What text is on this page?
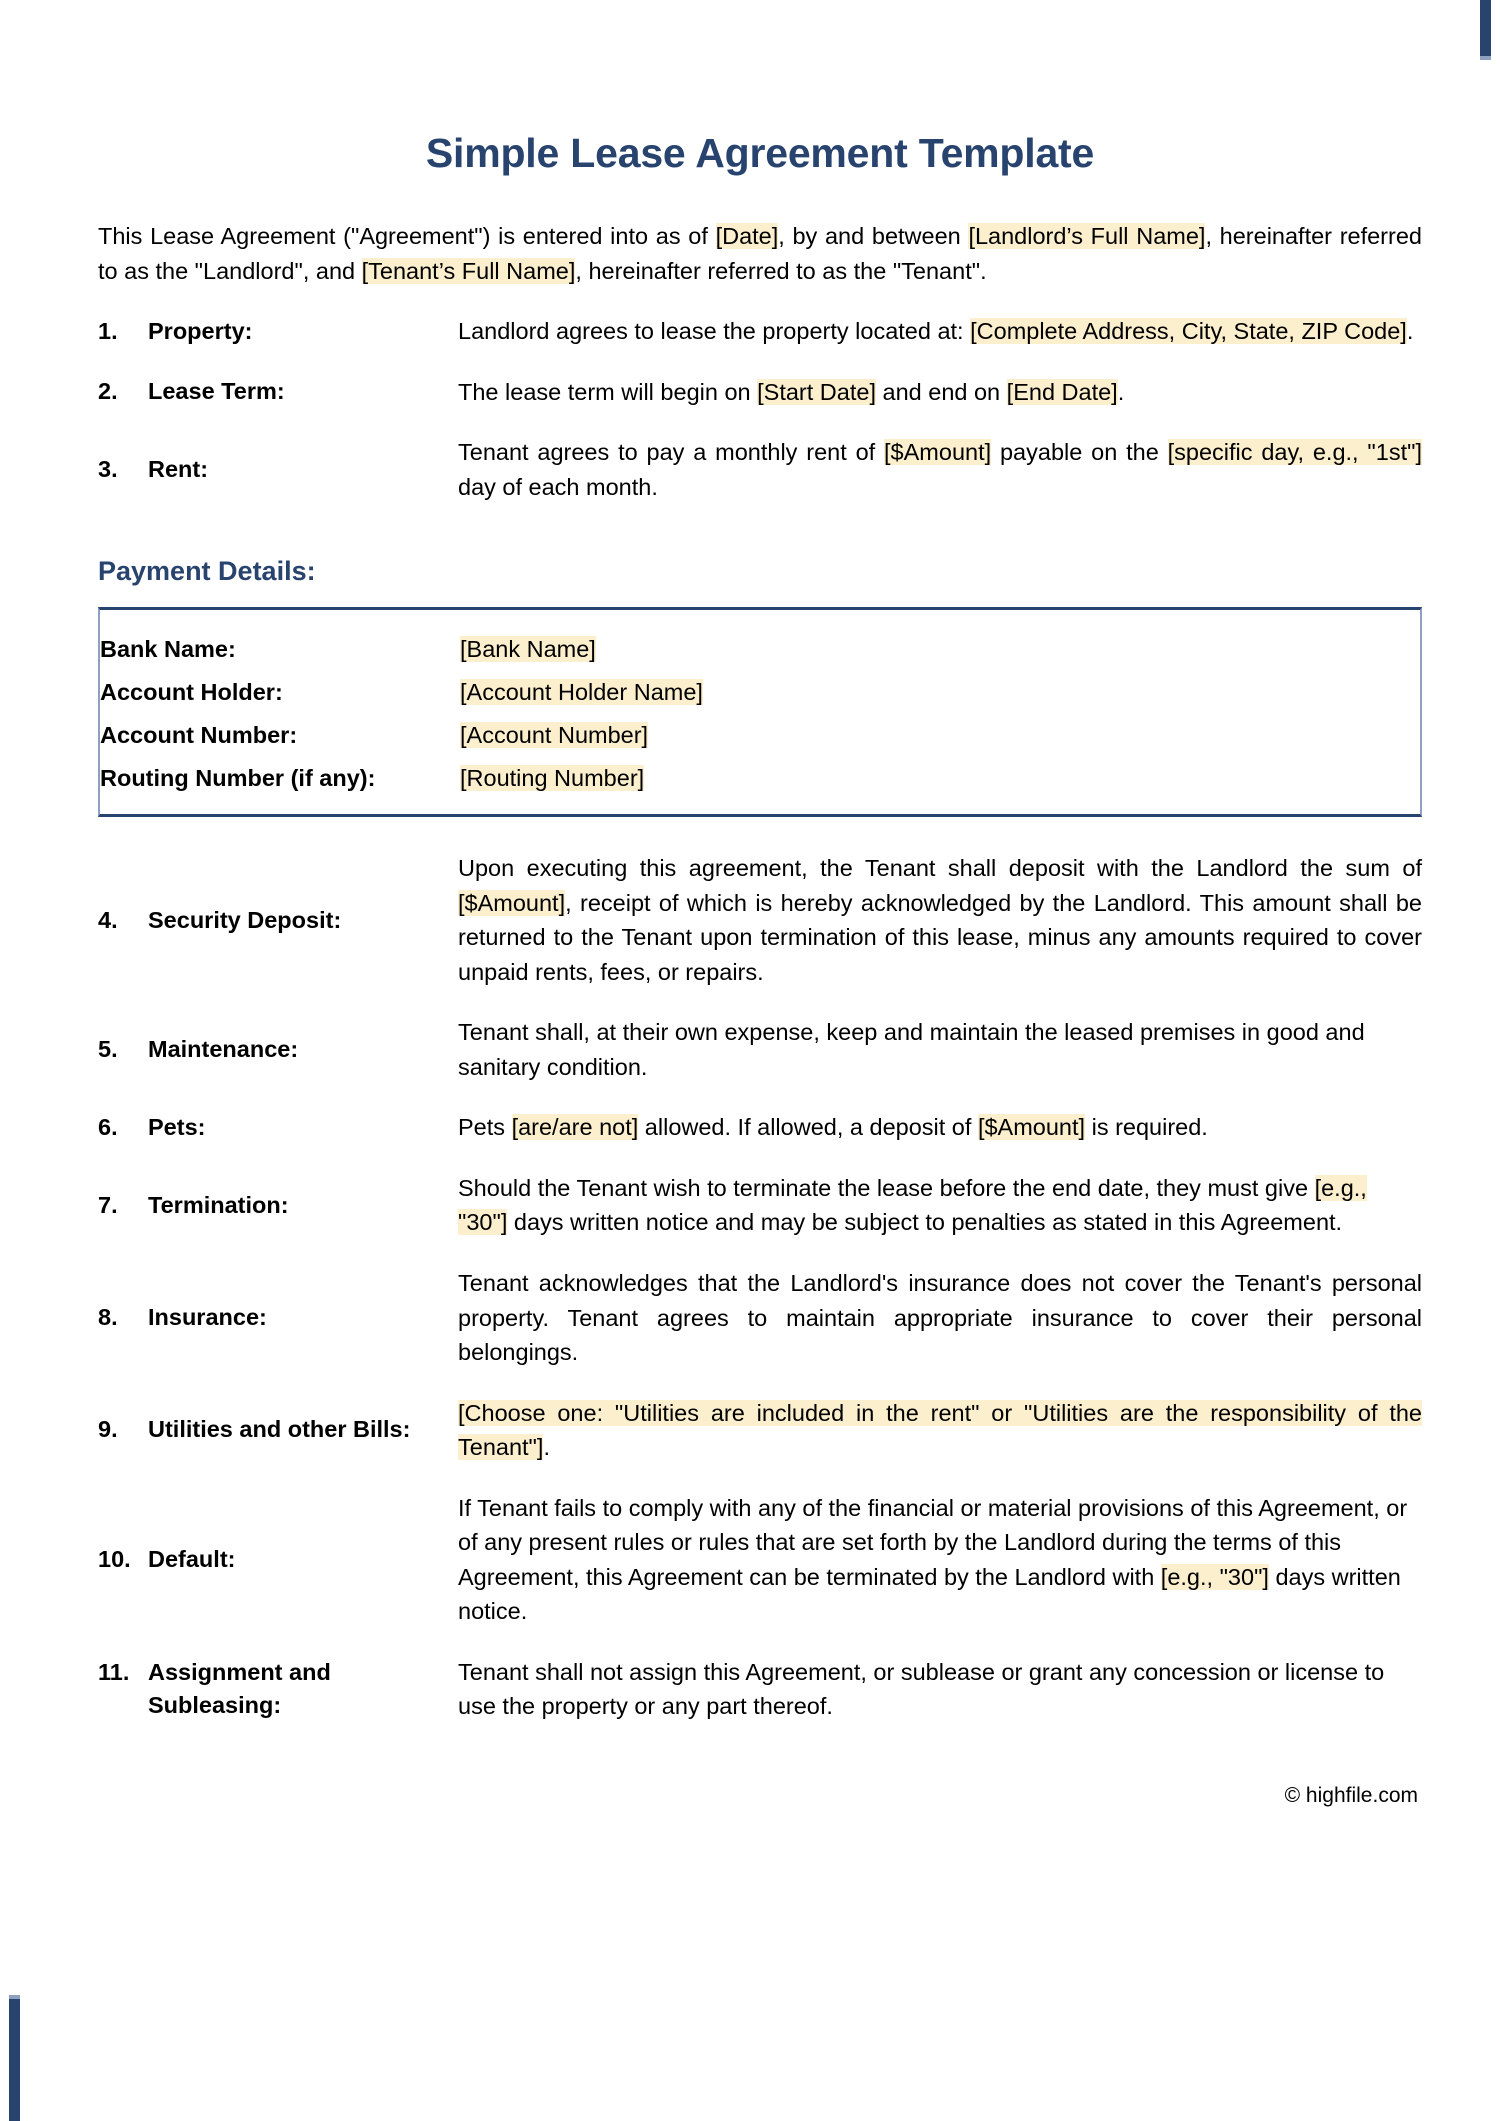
Simple Lease Agreement Template

This Lease Agreement ("Agreement") is entered into as of [Date], by and between [Landlord’s Full Name], hereinafter referred to as the "Landlord", and [Tenant’s Full Name], hereinafter referred to as the "Tenant".

1.	Property:	Landlord agrees to lease the property located at: [Complete Address, City, State, ZIP Code].
2.	Lease Term:	The lease term will begin on [Start Date] and end on [End Date].
3.	Rent:
Tenant agrees to pay a monthly rent of [$Amount] payable on the [specific day, e.g., "1st"] day of each month.
Payment Details:
Bank Name:	[Bank Name]
Account Holder:	[Account Holder Name]
Account Number:	[Account Number]
Routing Number (if any):	[Routing Number]
4.	Security Deposit:
Upon executing this agreement, the Tenant shall deposit with the Landlord the sum of [$Amount], receipt of which is hereby acknowledged by the Landlord. This amount shall be returned to the Tenant upon termination of this lease, minus any amounts required to cover unpaid rents, fees, or repairs.
5.	Maintenance:
Tenant shall, at their own expense, keep and maintain the leased premises in good and sanitary condition.
6.	Pets:	Pets [are/are not] allowed. If allowed, a deposit of [$Amount] is required.
7.	Termination:
Should the Tenant wish to terminate the lease before the end date, they must give [e.g., "30"] days written notice and may be subject to penalties as stated in this Agreement.
8.	Insurance:
Tenant acknowledges that the Landlord's insurance does not cover the Tenant's personal property. Tenant agrees to maintain appropriate insurance to cover their personal belongings.
9.	Utilities and other Bills:
[Choose one: "Utilities are included in the rent" or "Utilities are the responsibility of the Tenant"].
10. Default:
If Tenant fails to comply with any of the financial or material provisions of this Agreement, or of any present rules or rules that are set forth by the Landlord during the terms of this Agreement, this Agreement can be terminated by the Landlord with [e.g., "30"] days written notice.
11. Assignment and Subleasing:
Tenant shall not assign this Agreement, or sublease or grant any concession or license to use the property or any part thereof.
© highfile.com
